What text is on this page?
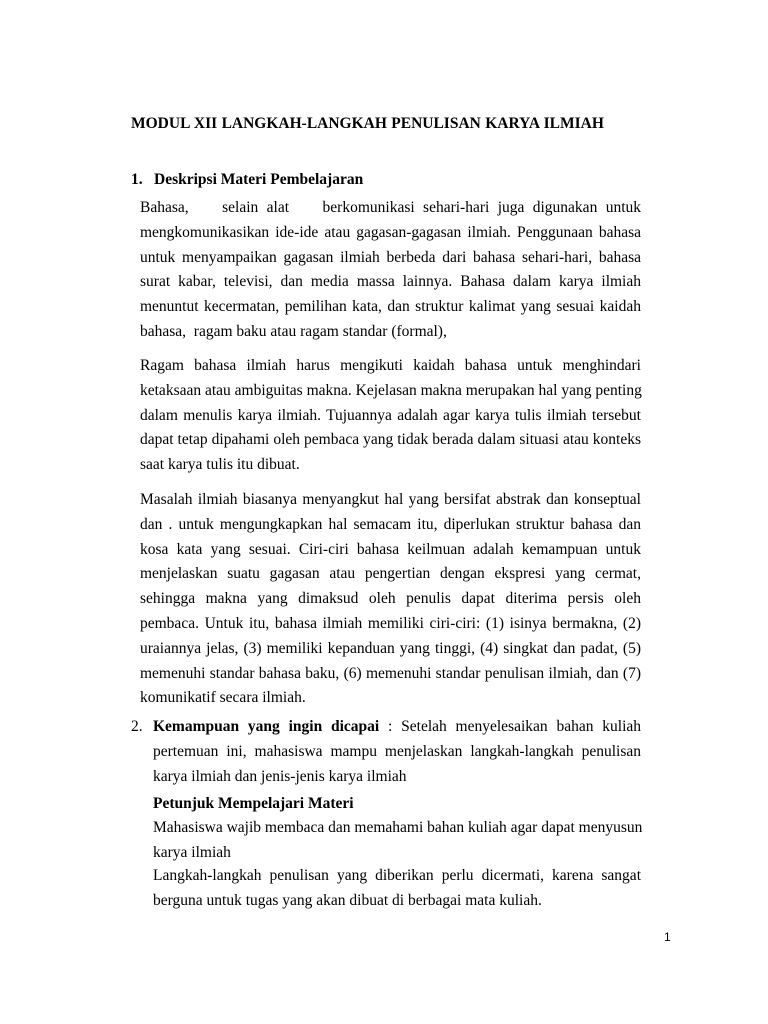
MODUL XII LANGKAH-LANGKAH PENULISAN KARYA ILMIAH
1. Deskripsi Materi Pembelajaran
Bahasa,    selain alat    berkomunikasi sehari-hari juga digunakan untuk
mengkomunikasikan ide-ide atau gagasan-gagasan ilmiah. Penggunaan bahasa
untuk menyampaikan gagasan ilmiah berbeda dari bahasa sehari-hari, bahasa
surat kabar, televisi, dan media massa lainnya. Bahasa dalam karya ilmiah
menuntut kecermatan, pemilihan kata, dan struktur kalimat yang sesuai kaidah
bahasa,  ragam baku atau ragam standar (formal),
Ragam bahasa ilmiah harus mengikuti kaidah bahasa untuk menghindari
ketaksaan atau ambiguitas makna. Kejelasan makna merupakan hal yang penting
dalam menulis karya ilmiah. Tujuannya adalah agar karya tulis ilmiah tersebut
dapat tetap dipahami oleh pembaca yang tidak berada dalam situasi atau konteks
saat karya tulis itu dibuat.
Masalah ilmiah biasanya menyangkut hal yang bersifat abstrak dan konseptual
dan . untuk mengungkapkan hal semacam itu, diperlukan struktur bahasa dan
kosa kata yang sesuai. Ciri-ciri bahasa keilmuan adalah kemampuan untuk
menjelaskan suatu gagasan atau pengertian dengan ekspresi yang cermat,
sehingga makna yang dimaksud oleh penulis dapat diterima persis oleh
pembaca. Untuk itu, bahasa ilmiah memiliki ciri-ciri: (1) isinya bermakna, (2)
uraiannya jelas, (3) memiliki kepanduan yang tinggi, (4) singkat dan padat, (5)
memenuhi standar bahasa baku, (6) memenuhi standar penulisan ilmiah, dan (7)
komunikatif secara ilmiah.
2. Kemampuan yang ingin dicapai : Setelah menyelesaikan bahan kuliah
pertemuan ini, mahasiswa mampu menjelaskan langkah-langkah penulisan
karya ilmiah dan jenis-jenis karya ilmiah
Petunjuk Mempelajari Materi
Mahasiswa wajib membaca dan memahami bahan kuliah agar dapat menyusun
karya ilmiah
Langkah-langkah penulisan yang diberikan perlu dicermati, karena sangat
berguna untuk tugas yang akan dibuat di berbagai mata kuliah.
1
